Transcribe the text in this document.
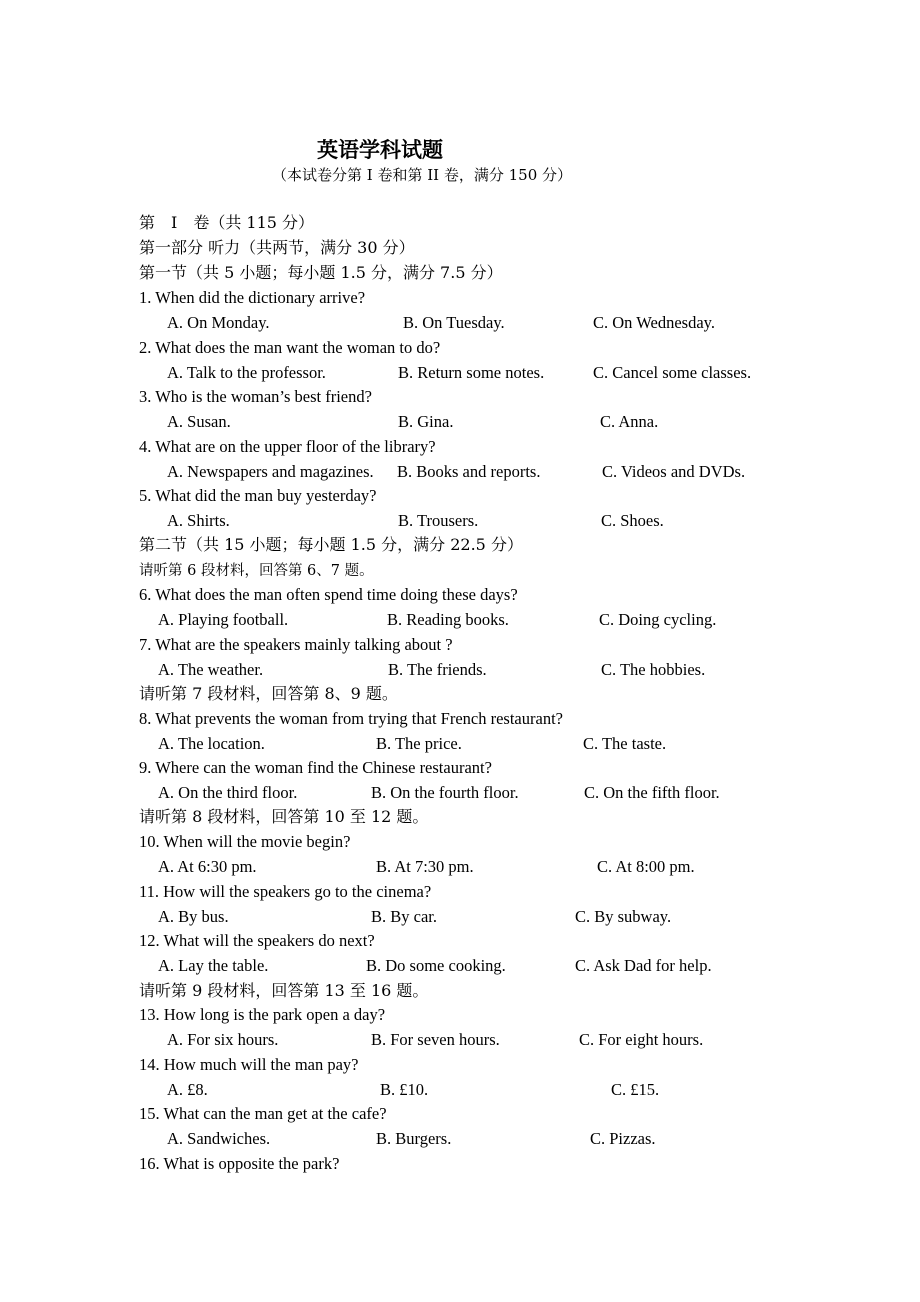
英语学科试题
（本试卷分第 I 卷和第 II 卷，满分 150 分）
第　Ⅰ　卷（共 115 分）
第一部分 听力（共两节，满分 30 分）
第一节（共 5 小题；每小题 1.5 分，满分 7.5 分）
1. When did the dictionary arrive?
A. On Monday.	B. On Tuesday.	C. On Wednesday.
2. What does the man want the woman to do?
A. Talk to the professor.	B. Return some notes.	C. Cancel some classes.
3. Who is the woman’s best friend?
A. Susan.	B. Gina.	C. Anna.
4. What are on the upper floor of the library?
A. Newspapers and magazines. B. Books and reports.	C. Videos and DVDs.
5. What did the man buy yesterday?
A. Shirts.	B. Trousers.	C. Shoes.
第二节（共 15 小题；每小题 1.5 分，满分 22.5 分）
请听第 6 段材料，回答第 6、7 题。
6. What does the man often spend time doing these days?
A. Playing football.	B. Reading books.	C. Doing cycling.
7. What are the speakers mainly talking about ?
A. The weather.	B. The friends.	C. The hobbies.
请听第 7 段材料，回答第 8、9 题。
8. What prevents the woman from trying that French restaurant?
A. The location.	B. The price.	C. The taste.
9. Where can the woman find the Chinese restaurant?
A. On the third floor.	B. On the fourth floor.	C. On the fifth floor.
请听第 8 段材料，回答第 10 至 12 题。
10. When will the movie begin?
A. At 6:30 pm.	B. At 7:30 pm.	C. At 8:00 pm.
11. How will the speakers go to the cinema?
A. By bus.	B. By car.	C. By subway.
12. What will the speakers do next?
A. Lay the table.	B. Do some cooking.	C. Ask Dad for help.
请听第 9 段材料，回答第 13 至 16 题。
13. How long is the park open a day?
A. For six hours.	B. For seven hours.	C. For eight hours.
14. How much will the man pay?
A. £8.	B. £10.	C. £15.
15. What can the man get at the cafe?
A. Sandwiches.	B. Burgers.	C. Pizzas.
16. What is opposite the park?
